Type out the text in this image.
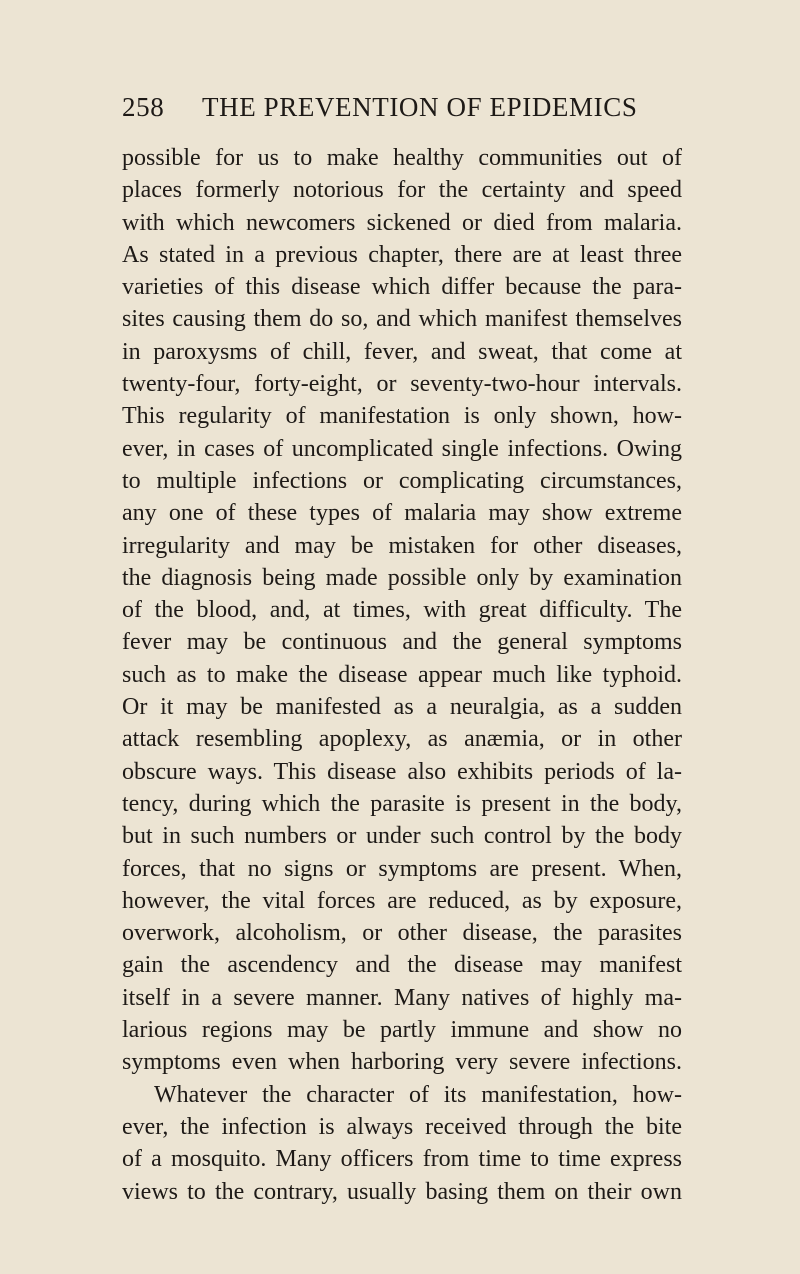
258 THE PREVENTION OF EPIDEMICS
possible for us to make healthy communities out of
places formerly notorious for the certainty and speed
with which newcomers sickened or died from malaria.
As stated in a previous chapter, there are at least three
varieties of this disease which differ because the para-
sites causing them do so, and which manifest themselves
in paroxysms of chill, fever, and sweat, that come at
twenty-four, forty-eight, or seventy-two-hour intervals.
This regularity of manifestation is only shown, how-
ever, in cases of uncomplicated single infections. Owing
to multiple infections or complicating circumstances,
any one of these types of malaria may show extreme
irregularity and may be mistaken for other diseases,
the diagnosis being made possible only by examination
of the blood, and, at times, with great difficulty. The
fever may be continuous and the general symptoms
such as to make the disease appear much like typhoid.
Or it may be manifested as a neuralgia, as a sudden
attack resembling apoplexy, as anæmia, or in other
obscure ways. This disease also exhibits periods of la-
tency, during which the parasite is present in the body,
but in such numbers or under such control by the body
forces, that no signs or symptoms are present. When,
however, the vital forces are reduced, as by exposure,
overwork, alcoholism, or other disease, the parasites
gain the ascendency and the disease may manifest
itself in a severe manner. Many natives of highly ma-
larious regions may be partly immune and show no
symptoms even when harboring very severe infections.
Whatever the character of its manifestation, how-
ever, the infection is always received through the bite
of a mosquito. Many officers from time to time express
views to the contrary, usually basing them on their own
